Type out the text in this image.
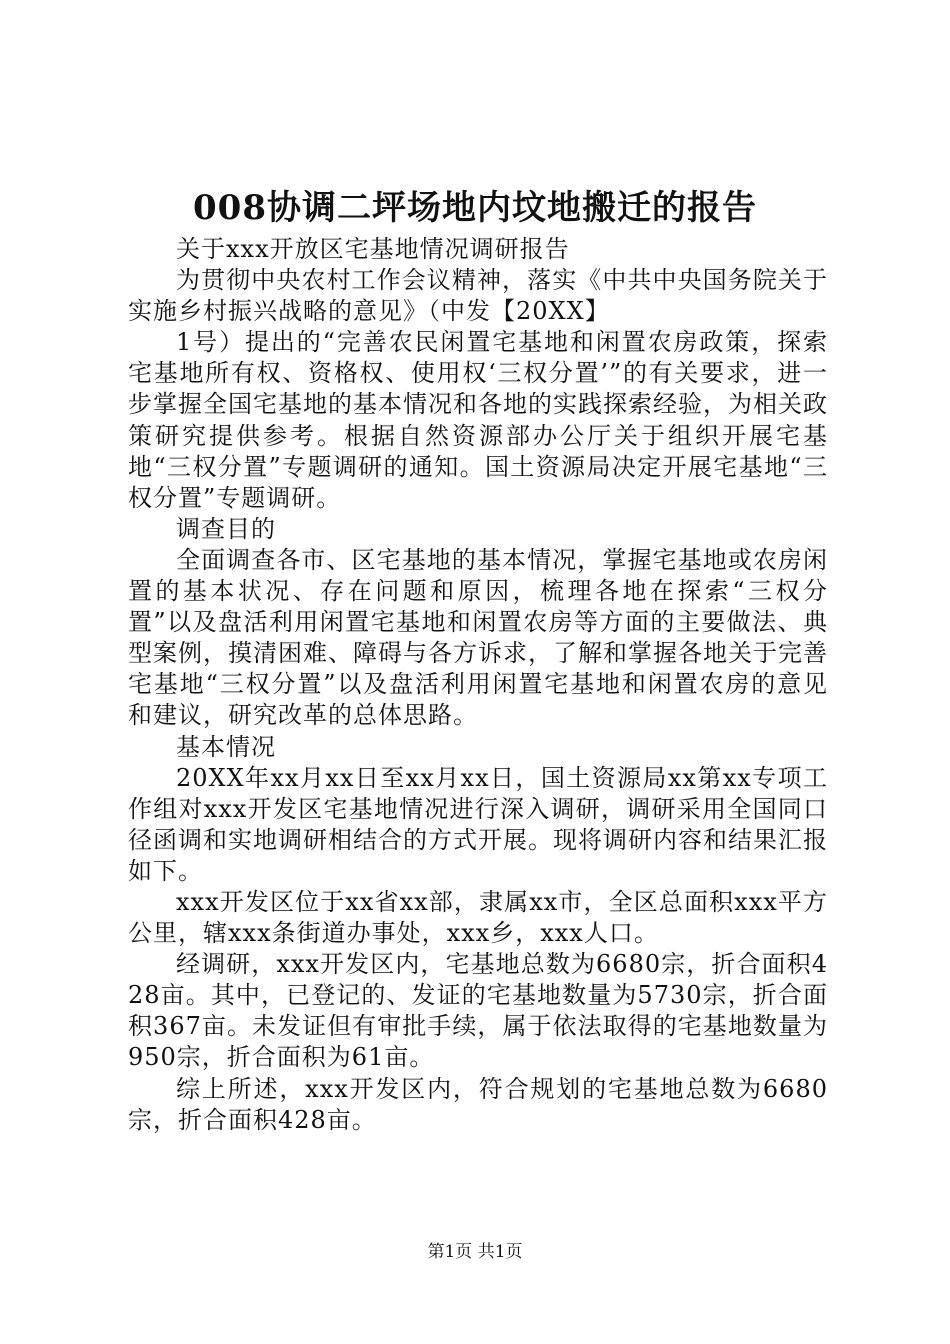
008协调二坪场地内坟地搬迁的报告

关于xxx开放区宅基地情况调研报告

为贯彻中央农村工作会议精神，落实《中共中央国务院关于实施乡村振兴战略的意见》（中发【20XX】

1号）提出的“完善农民闲置宅基地和闲置农房政策，探索宅基地所有权、资格权、使用权‘三权分置’”的有关要求，进一步掌握全国宅基地的基本情况和各地的实践探索经验，为相关政策研究提供参考。根据自然资源部办公厅关于组织开展宅基地“三权分置”专题调研的通知。国土资源局决定开展宅基地“三权分置”专题调研。

调查目的

全面调查各市、区宅基地的基本情况，掌握宅基地或农房闲置的基本状况、存在问题和原因，梳理各地在探索“三权分置”以及盘活利用闲置宅基地和闲置农房等方面的主要做法、典型案例，摸清困难、障碍与各方诉求，了解和掌握各地关于完善宅基地“三权分置”以及盘活利用闲置宅基地和闲置农房的意见和建议，研究改革的总体思路。

基本情况

20XX年xx月xx日至xx月xx日，国土资源局xx第xx专项工作组对xxx开发区宅基地情况进行深入调研，调研采用全国同口径函调和实地调研相结合的方式开展。现将调研内容和结果汇报如下。

xxx开发区位于xx省xx部，隶属xx市，全区总面积xxx平方公里，辖xxx条街道办事处，xxx乡，xxx人口。

经调研，xxx开发区内，宅基地总数为6680宗，折合面积428亩。其中，已登记的、发证的宅基地数量为5730宗，折合面积367亩。未发证但有审批手续，属于依法取得的宅基地数量为950宗，折合面积为61亩。

综上所述，xxx开发区内，符合规划的宅基地总数为6680宗，折合面积428亩。

第1页 共1页
